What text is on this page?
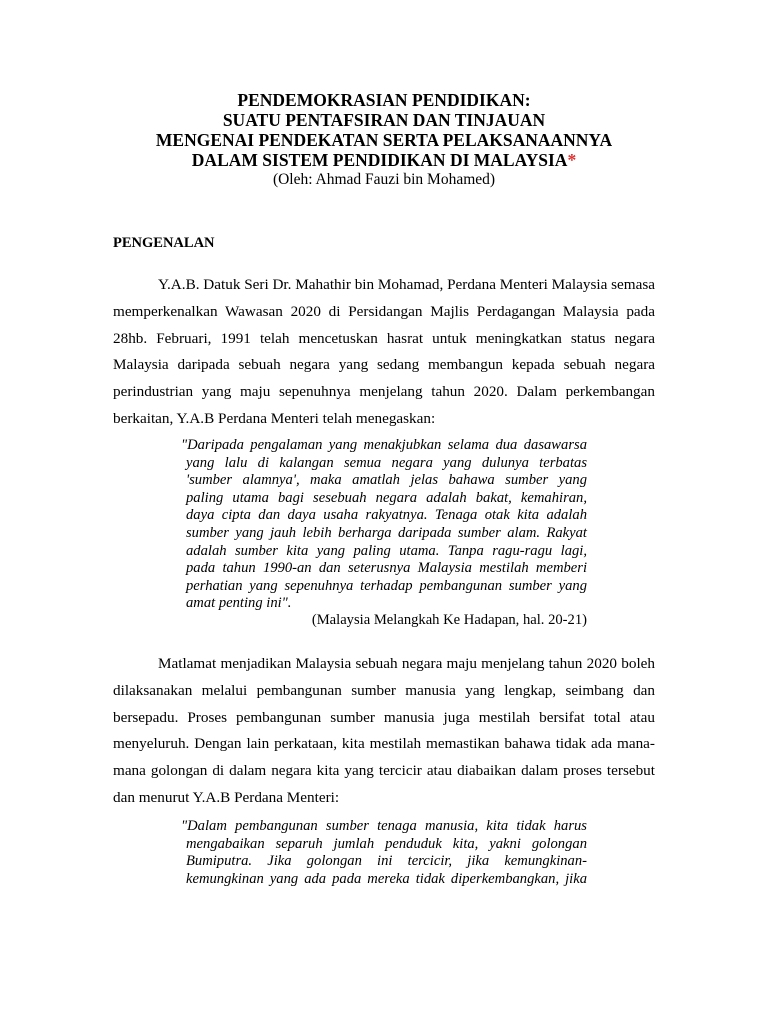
PENDEMOKRASIAN PENDIDIKAN:
SUATU PENTAFSIRAN DAN TINJAUAN
MENGENAI PENDEKATAN SERTA PELAKSANAANNYA
DALAM SISTEM PENDIDIKAN DI MALAYSIA*
(Oleh: Ahmad Fauzi bin Mohamed)
PENGENALAN
Y.A.B. Datuk Seri Dr. Mahathir bin Mohamad, Perdana Menteri Malaysia semasa
memperkenalkan Wawasan 2020 di Persidangan Majlis Perdagangan Malaysia pada
28hb. Februari, 1991 telah mencetuskan hasrat untuk meningkatkan status negara
Malaysia daripada sebuah negara yang sedang membangun kepada sebuah negara
perindustrian yang maju sepenuhnya menjelang tahun 2020. Dalam perkembangan
berkaitan, Y.A.B Perdana Menteri telah menegaskan:
"Daripada pengalaman yang menakjubkan selama dua dasawarsa
yang lalu di kalangan semua negara yang dulunya terbatas
'sumber alamnya', maka amatlah jelas bahawa sumber yang
paling utama bagi sesebuah negara adalah bakat, kemahiran,
daya cipta dan daya usaha rakyatnya. Tenaga otak kita adalah
sumber yang jauh lebih berharga daripada sumber alam. Rakyat
adalah sumber kita yang paling utama. Tanpa ragu-ragu lagi,
pada tahun 1990-an dan seterusnya Malaysia mestilah memberi
perhatian yang sepenuhnya terhadap pembangunan sumber yang
amat penting ini".
(Malaysia Melangkah Ke Hadapan, hal. 20-21)
Matlamat menjadikan Malaysia sebuah negara maju menjelang tahun 2020 boleh
dilaksanakan melalui pembangunan sumber manusia yang lengkap, seimbang dan
bersepadu. Proses pembangunan sumber manusia juga mestilah bersifat total atau
menyeluruh. Dengan lain perkataan, kita mestilah memastikan bahawa tidak ada mana-
mana golongan di dalam negara kita yang tercicir atau diabaikan dalam proses tersebut
dan menurut Y.A.B Perdana Menteri:
"Dalam pembangunan sumber tenaga manusia, kita tidak harus
mengabaikan separuh jumlah penduduk kita, yakni golongan
Bumiputra. Jika golongan ini tercicir, jika kemungkinan-
kemungkinan yang ada pada mereka tidak diperkembangkan, jika
